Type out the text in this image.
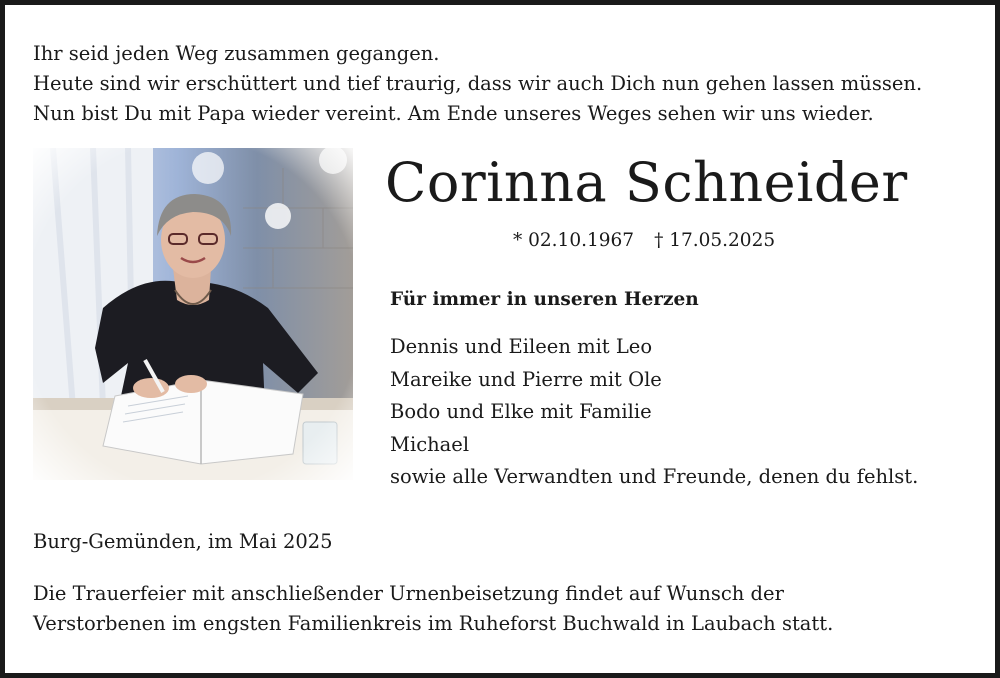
Ihr seid jeden Weg zusammen gegangen.
Heute sind wir erschüttert und tief traurig, dass wir auch Dich nun gehen lassen müssen.
Nun bist Du mit Papa wieder vereint. Am Ende unseres Weges sehen wir uns wieder.
Corinna Schneider
* 02.10.1967 † 17.05.2025
Für immer in unseren Herzen
Dennis und Eileen mit Leo
Mareike und Pierre mit Ole
Bodo und Elke mit Familie
Michael
sowie alle Verwandten und Freunde, denen du fehlst.
Burg-Gemünden, im Mai 2025
Die Trauerfeier mit anschließender Urnenbeisetzung findet auf Wunsch der
Verstorbenen im engsten Familienkreis im Ruheforst Buchwald in Laubach statt.
